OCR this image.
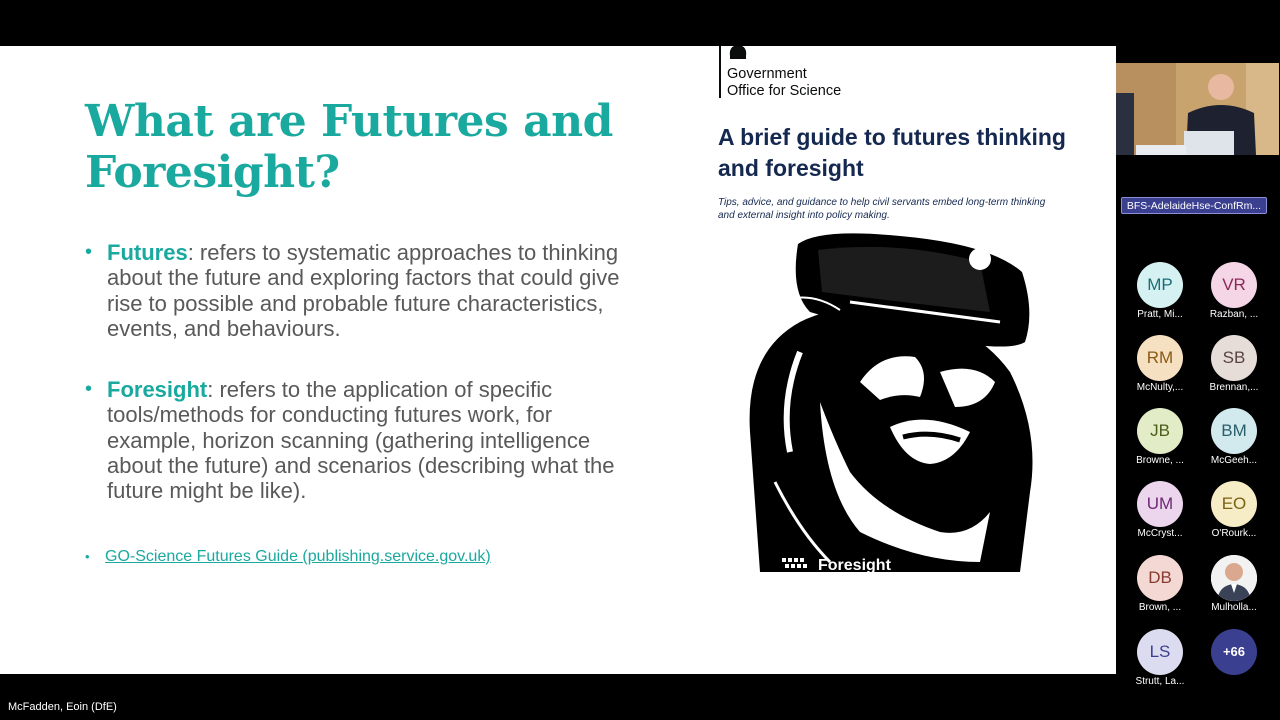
What are Futures and Foresight?
• Futures: refers to systematic approaches to thinking about the future and exploring factors that could give rise to possible and probable future characteristics, events, and behaviours.
• Foresight: refers to the application of specific tools/methods for conducting futures work, for example, horizon scanning (gathering intelligence about the future) and scenarios (describing what the future might be like).
• GO-Science Futures Guide (publishing.service.gov.uk)
Government
Office for Science
A brief guide to futures thinking and foresight
Tips, advice, and guidance to help civil servants embed long-term thinking and external insight into policy making.
Foresight
BFS-AdelaideHse-ConfRm...
MP
Pratt, Mi...
VR
Razban, ...
RM
McNulty,...
SB
Brennan,...
JB
Browne, ...
BM
McGeeh...
UM
McCryst...
EO
O'Rourk...
DB
Brown, ...	Mulholla...
LS
Strutt, La...
+66
McFadden, Eoin (DfE)
